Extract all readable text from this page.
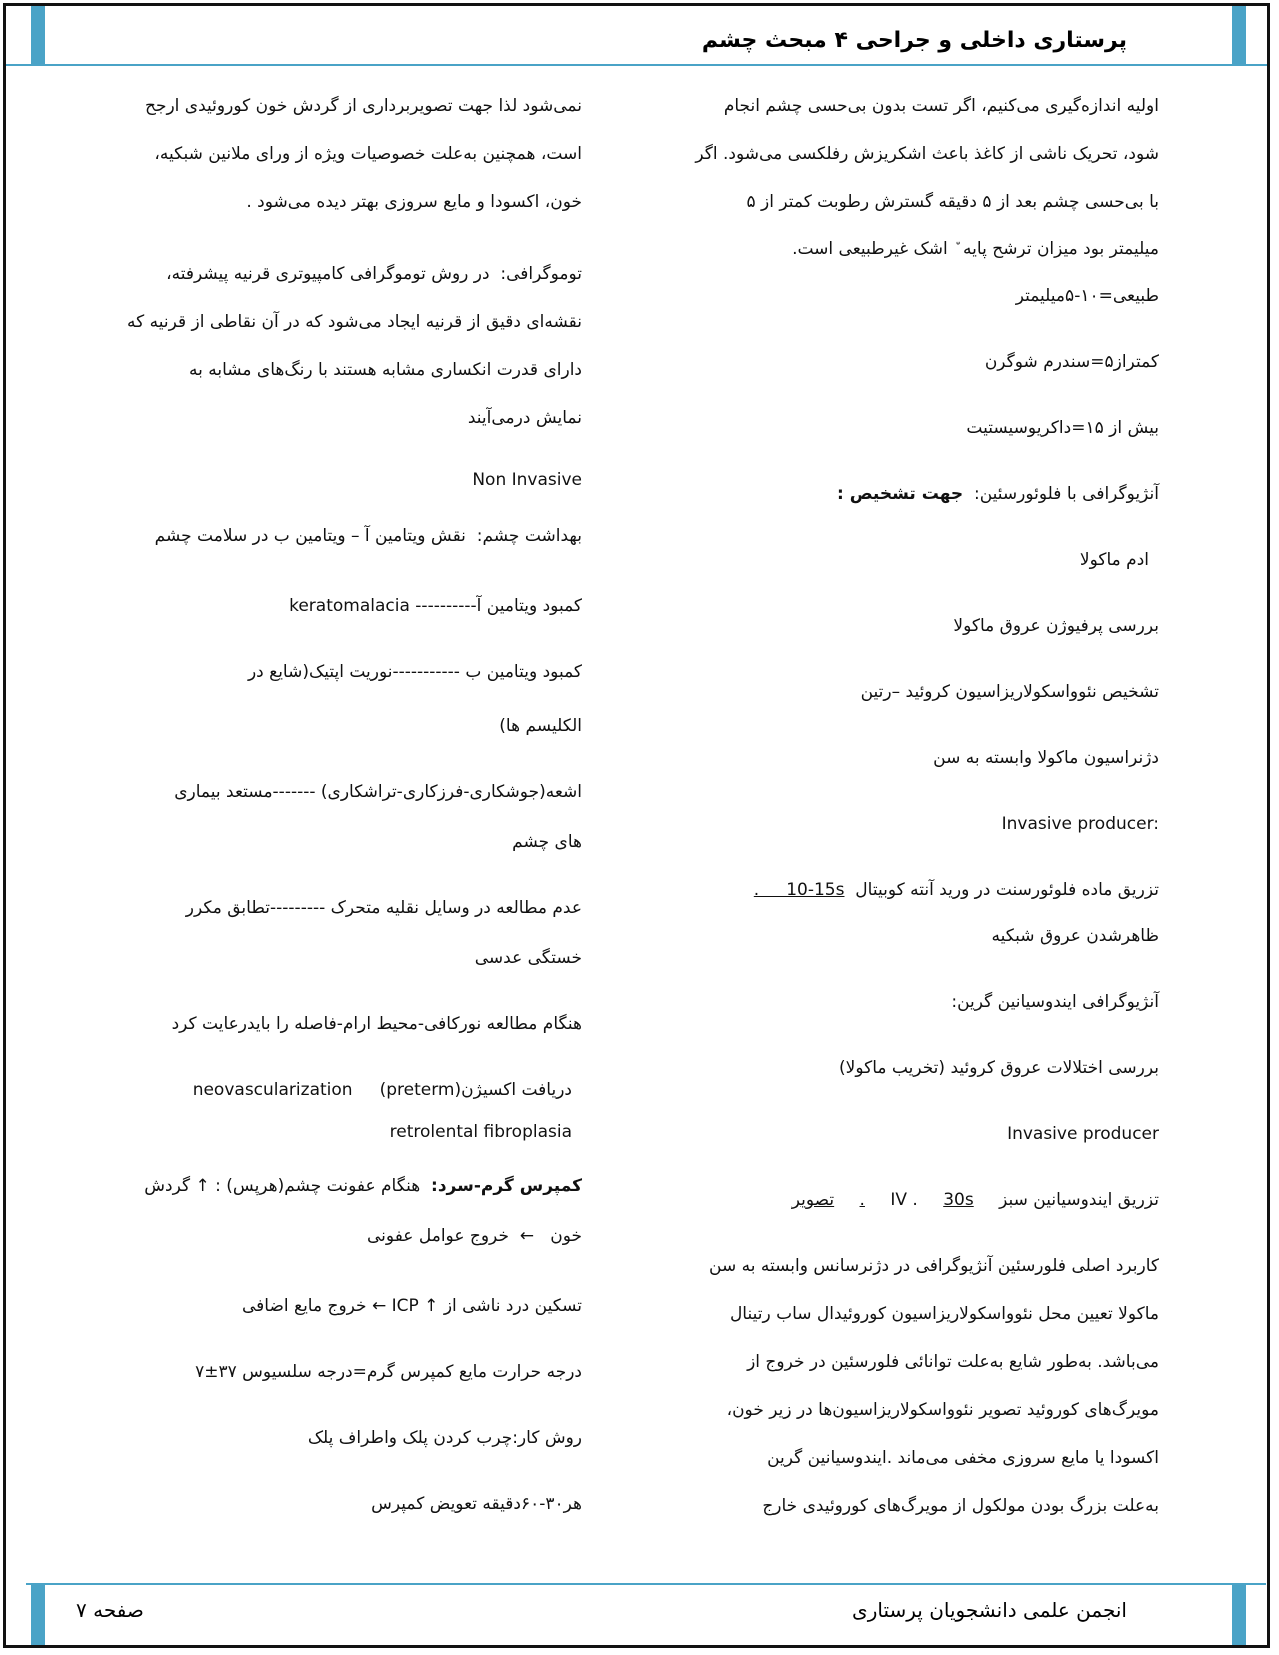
پرستاری داخلی و جراحی ۴ مبحث چشم
انجمن علمی دانشجویان پرستاری
صفحه ۷

اولیه اندازه‌گیری می‌کنیم، اگر تست بدون بی‌حسی چشم انجام

شود، تحریک ناشی از کاغذ باعث اشکریزش رفلکسی می‌شود. اگر

با بی‌حسی چشم بعد از ۵ دقیقه گسترش رطوبت کمتر از ۵

میلیمتر بود میزان ترشح پایه ٘ اشک غیرطبیعی است.

طبیعی=۱۰-۵میلیمتر

کمتراز۵=سندرم شوگرن

بیش از ۱۵=داکریوسیستیت

آنژیوگرافی با فلوئورسئین:  جهت تشخیص :

ادم ماکولا

بررسی پرفیوژن عروق ماکولا

تشخیص نئوواسکولاریزاسیون کروئید –رتین

دژنراسیون ماکولا وابسته به سن

Invasive producer:

تزریق ماده فلوئورسنت در ورید آنته کوبیتال  .     10-15s

ظاهرشدن عروق شبکیه

آنژیوگرافی ایندوسیانین گرین:

بررسی اختلالات عروق کروئید (تخریب ماکولا)

Invasive producer

تزریق ایندوسیانین سبز IV . 30s . تصویر

کاربرد اصلی فلورسئین آنژیوگرافی در دژنرسانس وابسته به سن

ماکولا تعیین محل نئوواسکولاریزاسیون کوروئیدال ساب رتینال

می‌باشد. به‌طور شایع به‌علت توانائی فلورسئین در خروج از

مویرگ‌های کوروئید تصویر نئوواسکولاریزاسیون‌ها در زیر خون،

اکسودا یا مایع سروزی مخفی می‌ماند .ایندوسیانین گرین

به‌علت بزرگ بودن مولکول از مویرگ‌های کوروئیدی خارج

نمی‌شود لذا جهت تصویربرداری از گردش خون کوروئیدی ارجح

است، همچنین به‌علت خصوصیات ویژه از ورای ملانین شبکیه،

خون، اکسودا و مایع سروزی بهتر دیده می‌شود .

توموگرافی:  در روش توموگرافی کامپیوتری قرنیه پیشرفته،

نقشه‌ای دقیق از قرنیه ایجاد می‌شود که در آن نقاطی از قرنیه که

دارای قدرت انکساری مشابه هستند با رنگ‌های مشابه به

نمایش درمی‌آیند

Non Invasive

بهداشت چشم:  نقش ویتامین آ – ویتامین ب در سلامت چشم

کمبود ویتامین آ---------- keratomalacia

کمبود ویتامین ب -----------نوریت اپتیک(شایع در

الکلیسم ها)

اشعه(جوشکاری-فرزکاری-تراشکاری) -------مستعد بیماری

های چشم

عدم مطالعه در وسایل نقلیه متحرک ---------تطابق مکرر

خستگی عدسی

هنگام مطالعه نورکافی-محیط ارام-فاصله را بایدرعایت کرد

دریافت اکسیژن(preterm)     neovascularization

retrolental fibroplasia

کمپرس گرم-سرد:  هنگام عفونت چشم(هرپس) : ↑ گردش

خون   ←  خروج عوامل عفونی

تسکین درد ناشی از ↑ ICP ← خروج مایع اضافی

درجه حرارت مایع کمپرس گرم=درجه سلسیوس ۳۷±۷

روش کار:چرب کردن پلک واطراف پلک

هر۳۰-۶۰دقیقه تعویض کمپرس
